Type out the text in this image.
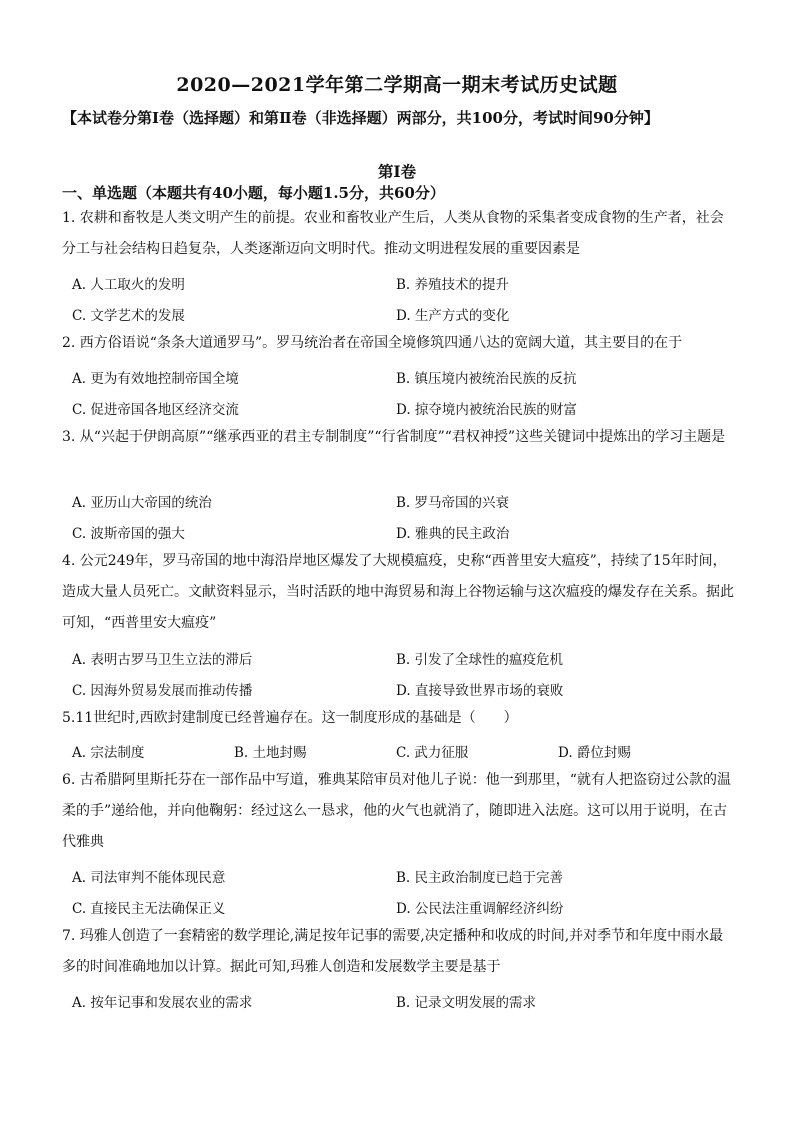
2020—2021学年第二学期高一期末考试历史试题
【本试卷分第Ⅰ卷（选择题）和第Ⅱ卷（非选择题）两部分，共100分，考试时间90分钟】
第Ⅰ卷
一、单选题（本题共有40小题，每小题1.5分，共60分）
1. 农耕和畜牧是人类文明产生的前提。农业和畜牧业产生后，人类从食物的采集者变成食物的生产者，社会分工与社会结构日趋复杂，人类逐渐迈向文明时代。推动文明进程发展的重要因素是
A. 人工取火的发明	B. 养殖技术的提升
C. 文学艺术的发展	D. 生产方式的变化
2. 西方俗语说“条条大道通罗马”。罗马统治者在帝国全境修筑四通八达的宽阔大道，其主要目的在于
A. 更为有效地控制帝国全境	B. 镇压境内被统治民族的反抗
C. 促进帝国各地区经济交流	D. 掠夺境内被统治民族的财富
3. 从“兴起于伊朗高原”“继承西亚的君主专制制度”“行省制度”“君权神授”这些关键词中提炼出的学习主题是
A. 亚历山大帝国的统治	B. 罗马帝国的兴衰
C. 波斯帝国的强大	D. 雅典的民主政治
4. 公元249年，罗马帝国的地中海沿岸地区爆发了大规模瘟疫，史称“西普里安大瘟疫”，持续了15年时间，造成大量人员死亡。文献资料显示，当时活跃的地中海贸易和海上谷物运输与这次瘟疫的爆发存在关系。据此可知，“西普里安大瘟疫”
A. 表明古罗马卫生立法的滞后	B. 引发了全球性的瘟疫危机
C. 因海外贸易发展而推动传播	D. 直接导致世界市场的衰败
5.11世纪时,西欧封建制度已经普遍存在。这一制度形成的基础是（ ）
A. 宗法制度	B. 土地封赐	C. 武力征服	D. 爵位封赐
6. 古希腊阿里斯托芬在一部作品中写道，雅典某陪审员对他儿子说：他一到那里，“就有人把盗窃过公款的温柔的手”递给他，并向他鞠躬：经过这么一恳求，他的火气也就消了，随即进入法庭。这可以用于说明，在古代雅典
A. 司法审判不能体现民意	B. 民主政治制度已趋于完善
C. 直接民主无法确保正义	D. 公民法注重调解经济纠纷
7. 玛雅人创造了一套精密的数学理论,满足按年记事的需要,决定播种和收成的时间,并对季节和年度中雨水最多的时间准确地加以计算。据此可知,玛雅人创造和发展数学主要是基于
A. 按年记事和发展农业的需求	B. 记录文明发展的需求
